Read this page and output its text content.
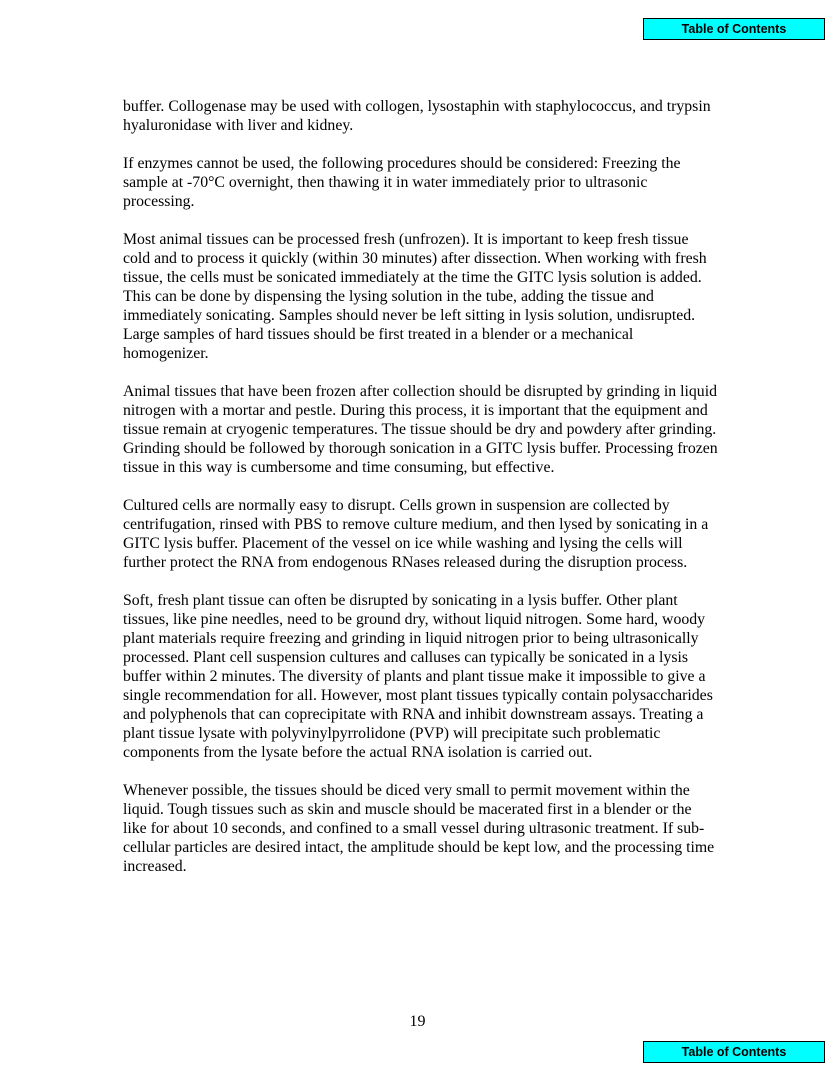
Table of Contents

buffer. Collogenase may be used with collogen, lysostaphin with staphylococcus, and trypsin hyaluronidase with liver and kidney.

If enzymes cannot be used, the following procedures should be considered: Freezing the sample at -70°C overnight, then thawing it in water immediately prior to ultrasonic processing.

Most animal tissues can be processed fresh (unfrozen). It is important to keep fresh tissue cold and to process it quickly (within 30 minutes) after dissection. When working with fresh tissue, the cells must be sonicated immediately at the time the GITC lysis solution is added. This can be done by dispensing the lysing solution in the tube, adding the tissue and immediately sonicating. Samples should never be left sitting in lysis solution, undisrupted. Large samples of hard tissues should be first treated in a blender or a mechanical homogenizer.

Animal tissues that have been frozen after collection should be disrupted by grinding in liquid nitrogen with a mortar and pestle. During this process, it is important that the equipment and tissue remain at cryogenic temperatures. The tissue should be dry and powdery after grinding. Grinding should be followed by thorough sonication in a GITC lysis buffer. Processing frozen tissue in this way is cumbersome and time consuming, but effective.

Cultured cells are normally easy to disrupt. Cells grown in suspension are collected by centrifugation, rinsed with PBS to remove culture medium, and then lysed by sonicating in a GITC lysis buffer. Placement of the vessel on ice while washing and lysing the cells will further protect the RNA from endogenous RNases released during the disruption process.

Soft, fresh plant tissue can often be disrupted by sonicating in a lysis buffer. Other plant tissues, like pine needles, need to be ground dry, without liquid nitrogen. Some hard, woody plant materials require freezing and grinding in liquid nitrogen prior to being ultrasonically processed. Plant cell suspension cultures and calluses can typically be sonicated in a lysis buffer within 2 minutes. The diversity of plants and plant tissue make it impossible to give a single recommendation for all. However, most plant tissues typically contain polysaccharides and polyphenols that can coprecipitate with RNA and inhibit downstream assays. Treating a plant tissue lysate with polyvinylpyrrolidone (PVP) will precipitate such problematic components from the lysate before the actual RNA isolation is carried out.

Whenever possible, the tissues should be diced very small to permit movement within the liquid. Tough tissues such as skin and muscle should be macerated first in a blender or the like for about 10 seconds, and confined to a small vessel during ultrasonic treatment. If sub-cellular particles are desired intact, the amplitude should be kept low, and the processing time increased.

19
Table of Contents
